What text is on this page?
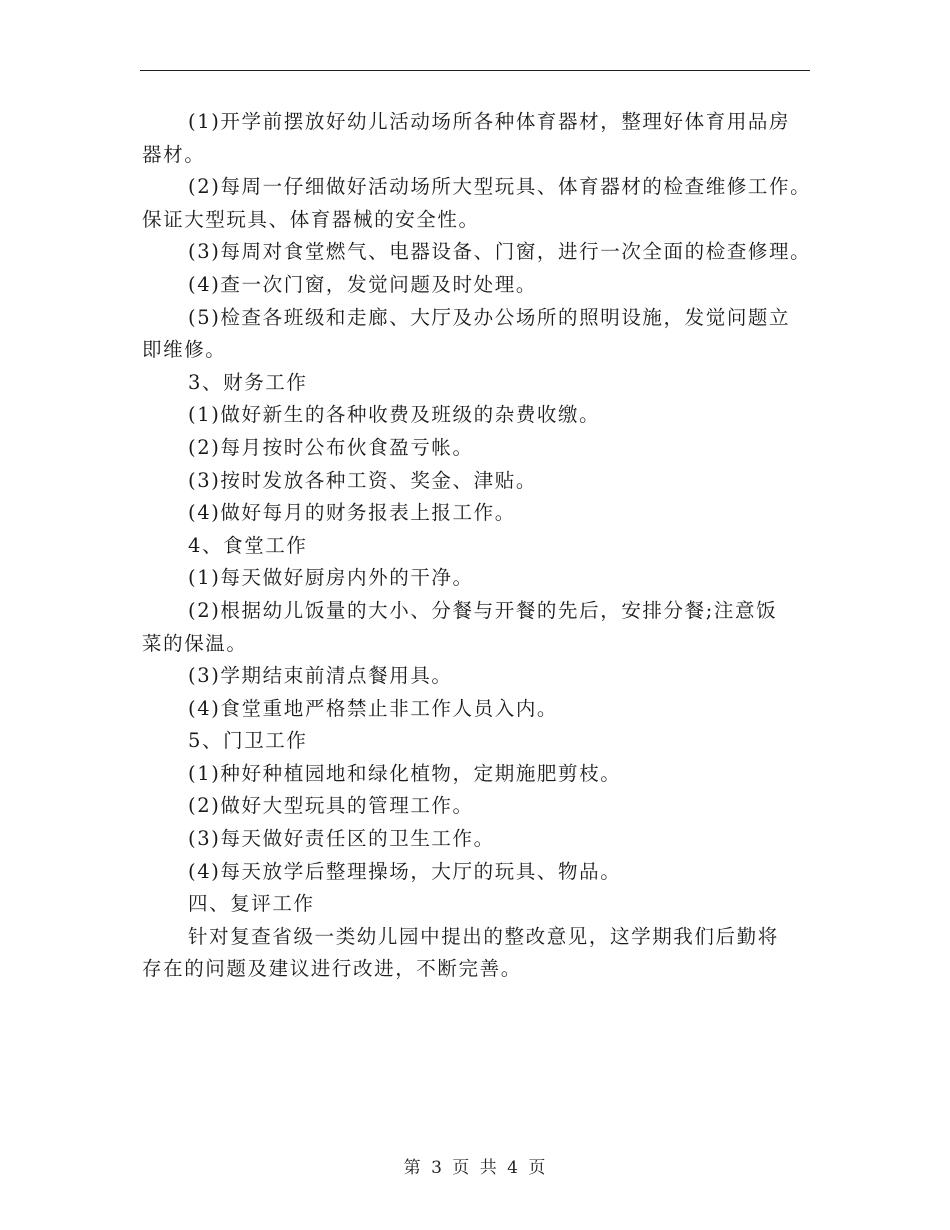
(1)开学前摆放好幼儿活动场所各种体育器材，整理好体育用品房
器材。
(2)每周一仔细做好活动场所大型玩具、体育器材的检查维修工作。
保证大型玩具、体育器械的安全性。
(3)每周对食堂燃气、电器设备、门窗，进行一次全面的检查修理。
(4)查一次门窗，发觉问题及时处理。
(5)检查各班级和走廊、大厅及办公场所的照明设施，发觉问题立
即维修。
3、财务工作
(1)做好新生的各种收费及班级的杂费收缴。
(2)每月按时公布伙食盈亏帐。
(3)按时发放各种工资、奖金、津贴。
(4)做好每月的财务报表上报工作。
4、食堂工作
(1)每天做好厨房内外的干净。
(2)根据幼儿饭量的大小、分餐与开餐的先后，安排分餐;注意饭
菜的保温。
(3)学期结束前清点餐用具。
(4)食堂重地严格禁止非工作人员入内。
5、门卫工作
(1)种好种植园地和绿化植物，定期施肥剪枝。
(2)做好大型玩具的管理工作。
(3)每天做好责任区的卫生工作。
(4)每天放学后整理操场，大厅的玩具、物品。
四、复评工作
针对复查省级一类幼儿园中提出的整改意见，这学期我们后勤将
存在的问题及建议进行改进，不断完善。
第 3 页 共 4 页
